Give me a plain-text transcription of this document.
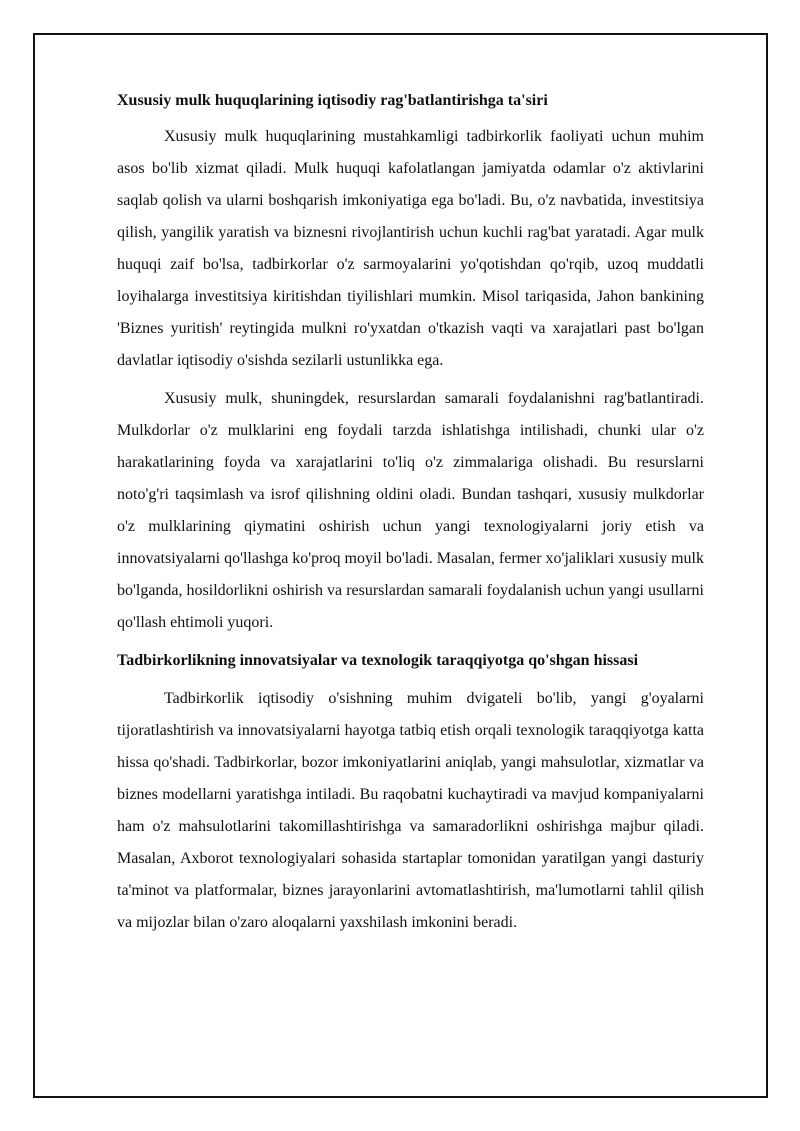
Xususiy mulk huquqlarining iqtisodiy rag'batlantirishga ta'siri

Xususiy mulk huquqlarining mustahkamligi tadbirkorlik faoliyati uchun muhim asos bo'lib xizmat qiladi. Mulk huquqi kafolatlangan jamiyatda odamlar o'z aktivlarini saqlab qolish va ularni boshqarish imkoniyatiga ega bo'ladi. Bu, o'z navbatida, investitsiya qilish, yangilik yaratish va biznesni rivojlantirish uchun kuchli rag'bat yaratadi. Agar mulk huquqi zaif bo'lsa, tadbirkorlar o'z sarmoyalarini yo'qotishdan qo'rqib, uzoq muddatli loyihalarga investitsiya kiritishdan tiyilishlari mumkin. Misol tariqasida, Jahon bankining 'Biznes yuritish' reytingida mulkni ro'yxatdan o'tkazish vaqti va xarajatlari past bo'lgan davlatlar iqtisodiy o'sishda sezilarli ustunlikka ega.

Xususiy mulk, shuningdek, resurslardan samarali foydalanishni rag'batlantiradi. Mulkdorlar o'z mulklarini eng foydali tarzda ishlatishga intilishadi, chunki ular o'z harakatlarining foyda va xarajatlarini to'liq o'z zimmalariga olishadi. Bu resurslarni noto'g'ri taqsimlash va isrof qilishning oldini oladi. Bundan tashqari, xususiy mulkdorlar o'z mulklarining qiymatini oshirish uchun yangi texnologiyalarni joriy etish va innovatsiyalarni qo'llashga ko'proq moyil bo'ladi. Masalan, fermer xo'jaliklari xususiy mulk bo'lganda, hosildorlikni oshirish va resurslardan samarali foydalanish uchun yangi usullarni qo'llash ehtimoli yuqori.

Tadbirkorlikning innovatsiyalar va texnologik taraqqiyotga qo'shgan hissasi

Tadbirkorlik iqtisodiy o'sishning muhim dvigateli bo'lib, yangi g'oyalarni tijoratlashtirish va innovatsiyalarni hayotga tatbiq etish orqali texnologik taraqqiyotga katta hissa qo'shadi. Tadbirkorlar, bozor imkoniyatlarini aniqlab, yangi mahsulotlar, xizmatlar va biznes modellarni yaratishga intiladi. Bu raqobatni kuchaytiradi va mavjud kompaniyalarni ham o'z mahsulotlarini takomillashtirishga va samaradorlikni oshirishga majbur qiladi. Masalan, Axborot texnologiyalari sohasida startaplar tomonidan yaratilgan yangi dasturiy ta'minot va platformalar, biznes jarayonlarini avtomatlashtirish, ma'lumotlarni tahlil qilish va mijozlar bilan o'zaro aloqalarni yaxshilash imkonini beradi.
